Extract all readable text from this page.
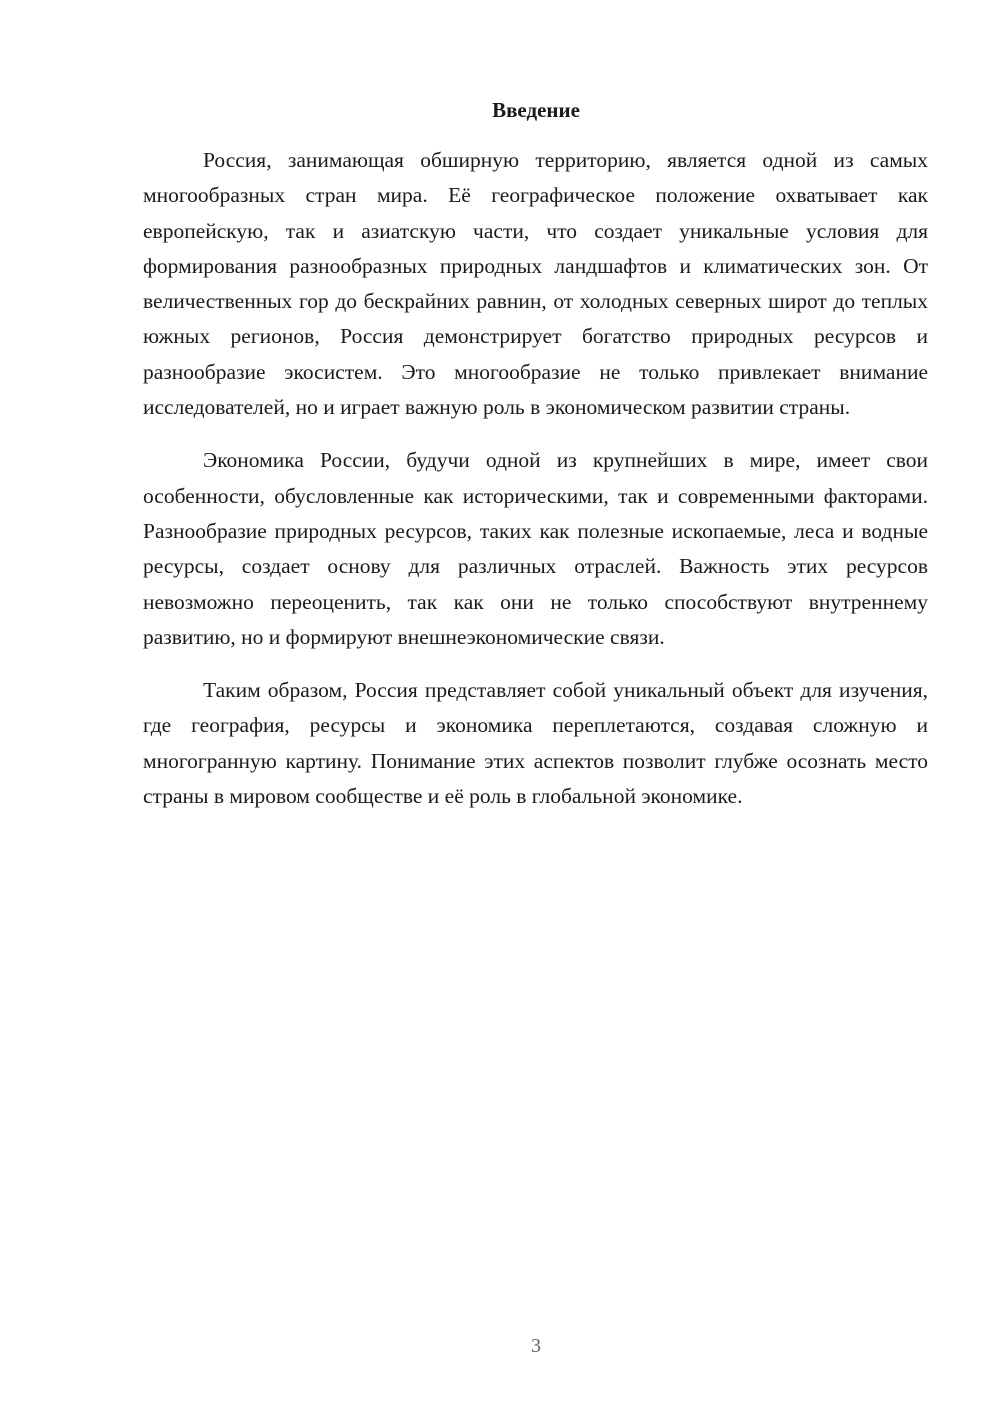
Введение

Россия, занимающая обширную территорию, является одной из самых многообразных стран мира. Её географическое положение охватывает как европейскую, так и азиатскую части, что создает уникальные условия для формирования разнообразных природных ландшафтов и климатических зон. От величественных гор до бескрайних равнин, от холодных северных широт до теплых южных регионов, Россия демонстрирует богатство природных ресурсов и разнообразие экосистем. Это многообразие не только привлекает внимание исследователей, но и играет важную роль в экономическом развитии страны.

Экономика России, будучи одной из крупнейших в мире, имеет свои особенности, обусловленные как историческими, так и современными факторами. Разнообразие природных ресурсов, таких как полезные ископаемые, леса и водные ресурсы, создает основу для различных отраслей. Важность этих ресурсов невозможно переоценить, так как они не только способствуют внутреннему развитию, но и формируют внешнеэкономические связи.

Таким образом, Россия представляет собой уникальный объект для изучения, где география, ресурсы и экономика переплетаются, создавая сложную и многогранную картину. Понимание этих аспектов позволит глубже осознать место страны в мировом сообществе и её роль в глобальной экономике.

3
